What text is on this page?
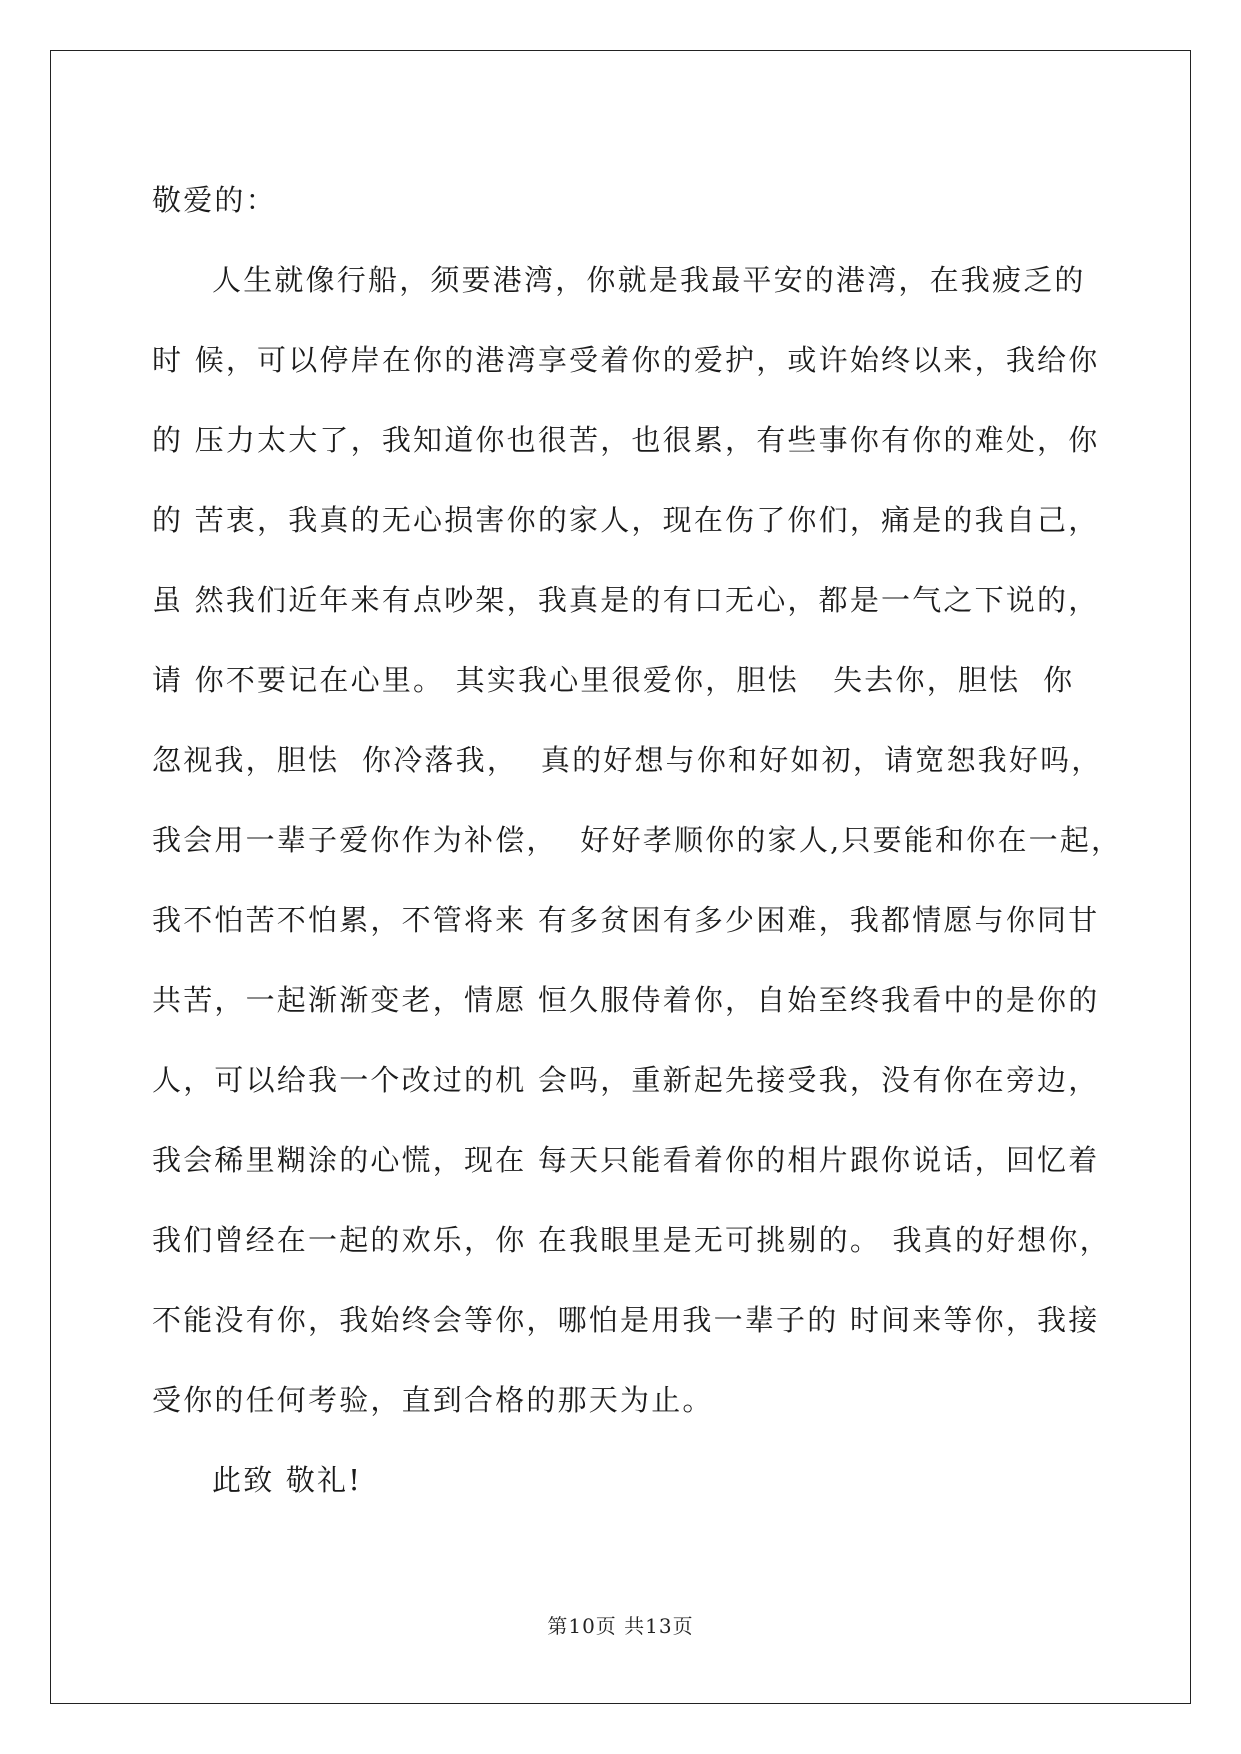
敬爱的：
人生就像行船，须要港湾，你就是我最平安的港湾，在我疲乏的
时 候，可以停岸在你的港湾享受着你的爱护，或许始终以来，我给你
的 压力太大了，我知道你也很苦，也很累，有些事你有你的难处，你
的 苦衷，我真的无心损害你的家人，现在伤了你们，痛是的我自己，
虽 然我们近年来有点吵架，我真是的有口无心，都是一气之下说的，
请 你不要记在心里。 其实我心里很爱你，胆怯   失去你，胆怯  你
忽视我，胆怯  你冷落我，  真的好想与你和好如初，请宽恕我好吗，
我会用一辈子爱你作为补偿，  好好孝顺你的家人,只要能和你在一起，
我不怕苦不怕累，不管将来 有多贫困有多少困难，我都情愿与你同甘
共苦，一起渐渐变老，情愿 恒久服侍着你，自始至终我看中的是你的
人，可以给我一个改过的机 会吗，重新起先接受我，没有你在旁边，
我会稀里糊涂的心慌，现在 每天只能看着你的相片跟你说话，回忆着
我们曾经在一起的欢乐，你 在我眼里是无可挑剔的。 我真的好想你，
不能没有你，我始终会等你，哪怕是用我一辈子的 时间来等你，我接
受你的任何考验，直到合格的那天为止。
此致 敬礼!
第10页 共13页
